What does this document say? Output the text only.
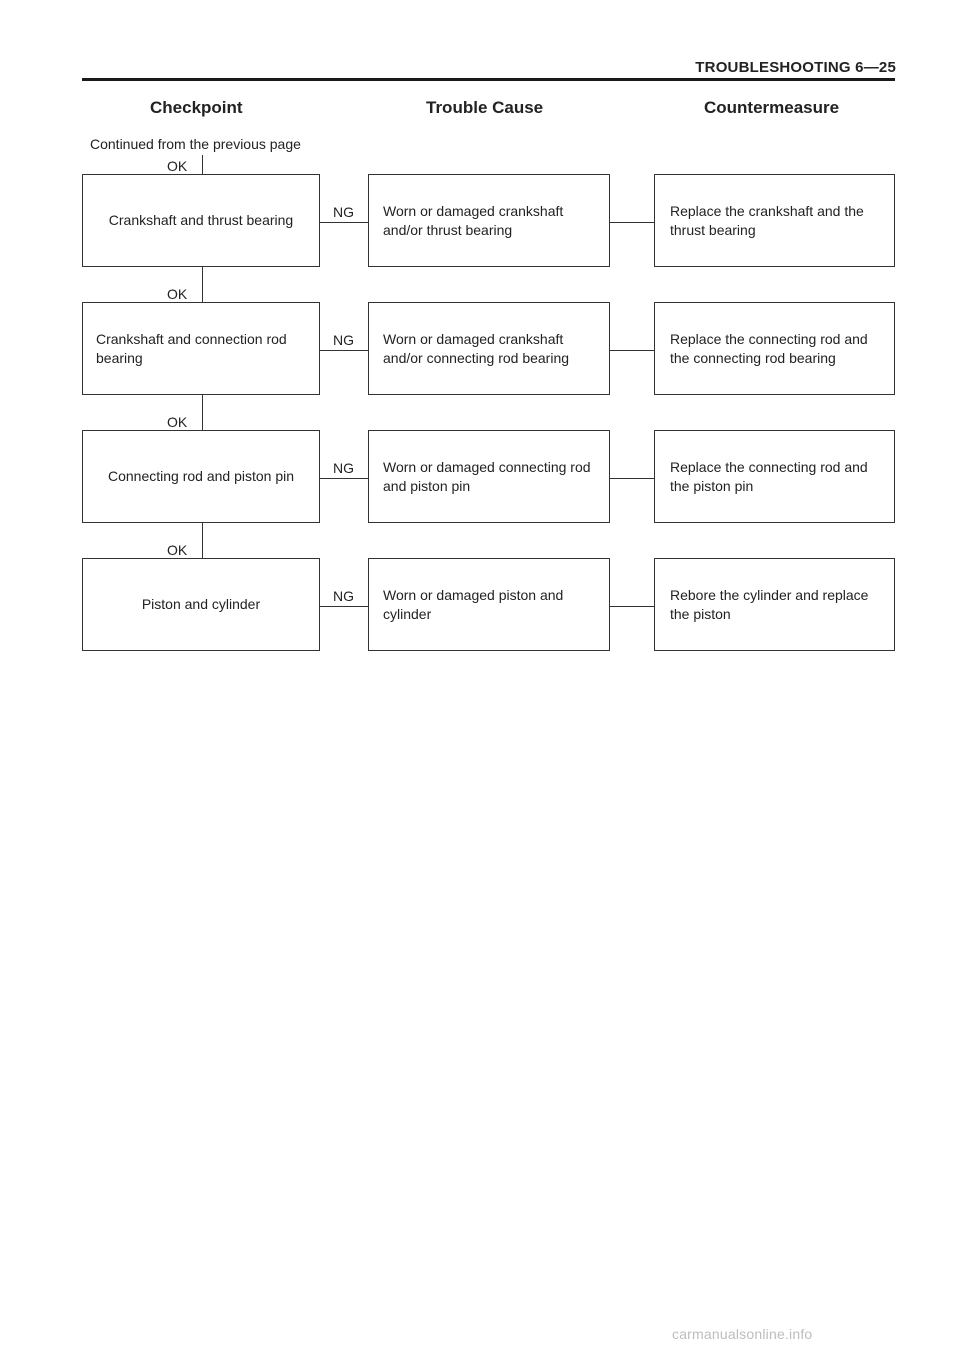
TROUBLESHOOTING 6—25
Checkpoint	Trouble Cause	Countermeasure
Continued from the previous page
OK
Crankshaft and thrust bearing	NG Worn or damaged crankshaft and/or thrust bearing
Replace the crankshaft and the thrust bearing
OK
Crankshaft and connection rod bearing
NG Worn or damaged crankshaft and/or connecting rod bearing
Replace the connecting rod and the connecting rod bearing
OK
Connecting rod and piston pin	NG Worn or damaged connecting rod and piston pin
Replace the connecting rod and the piston pin
OK
Piston and cylinder	NG Worn or damaged piston and cylinder
Rebore the cylinder and replace the piston
carmanualsonline.info
